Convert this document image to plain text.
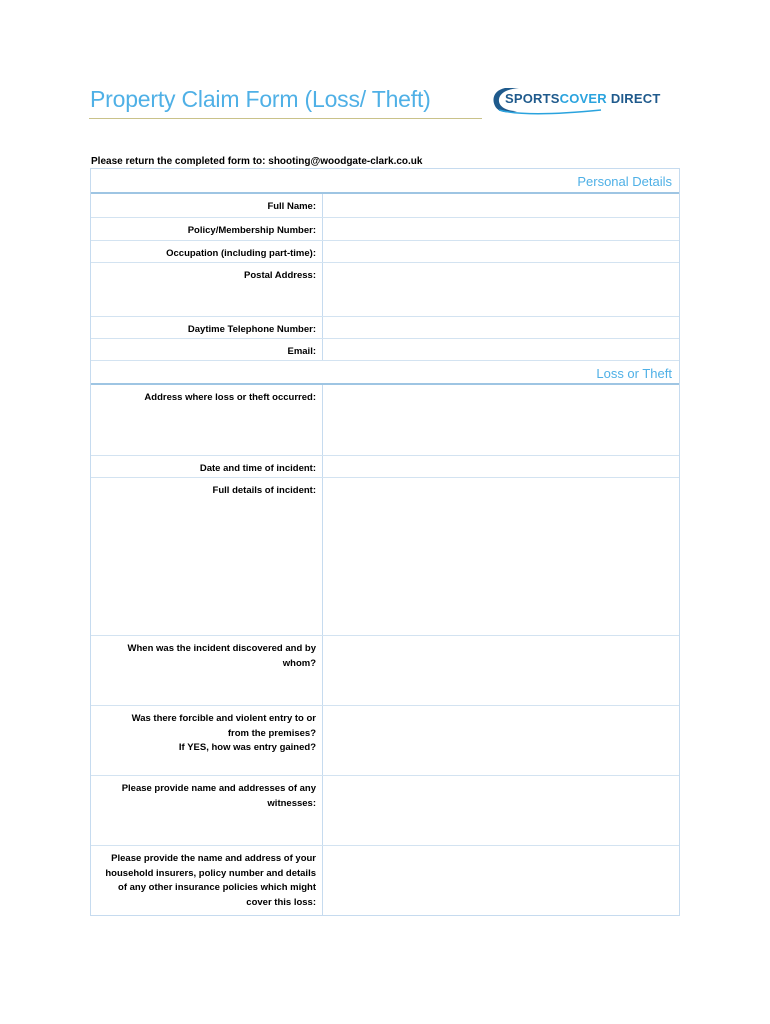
Property Claim Form (Loss/ Theft)	SPORTSCOVER DIRECT
Please return the completed form to: shooting@woodgate-clark.co.uk
Personal Details
Full Name:
Policy/Membership Number:
Occupation (including part-time):
Postal Address:
Daytime Telephone Number:
Email:
Loss or Theft
Address where loss or theft occurred:
Date and time of incident:
Full details of incident:
When was the incident discovered and by
whom?
Was there forcible and violent entry to or
from the premises?
If YES, how was entry gained?
Please provide name and addresses of any
witnesses:
Please provide the name and address of your
household insurers, policy number and details
of any other insurance policies which might
cover this loss:
